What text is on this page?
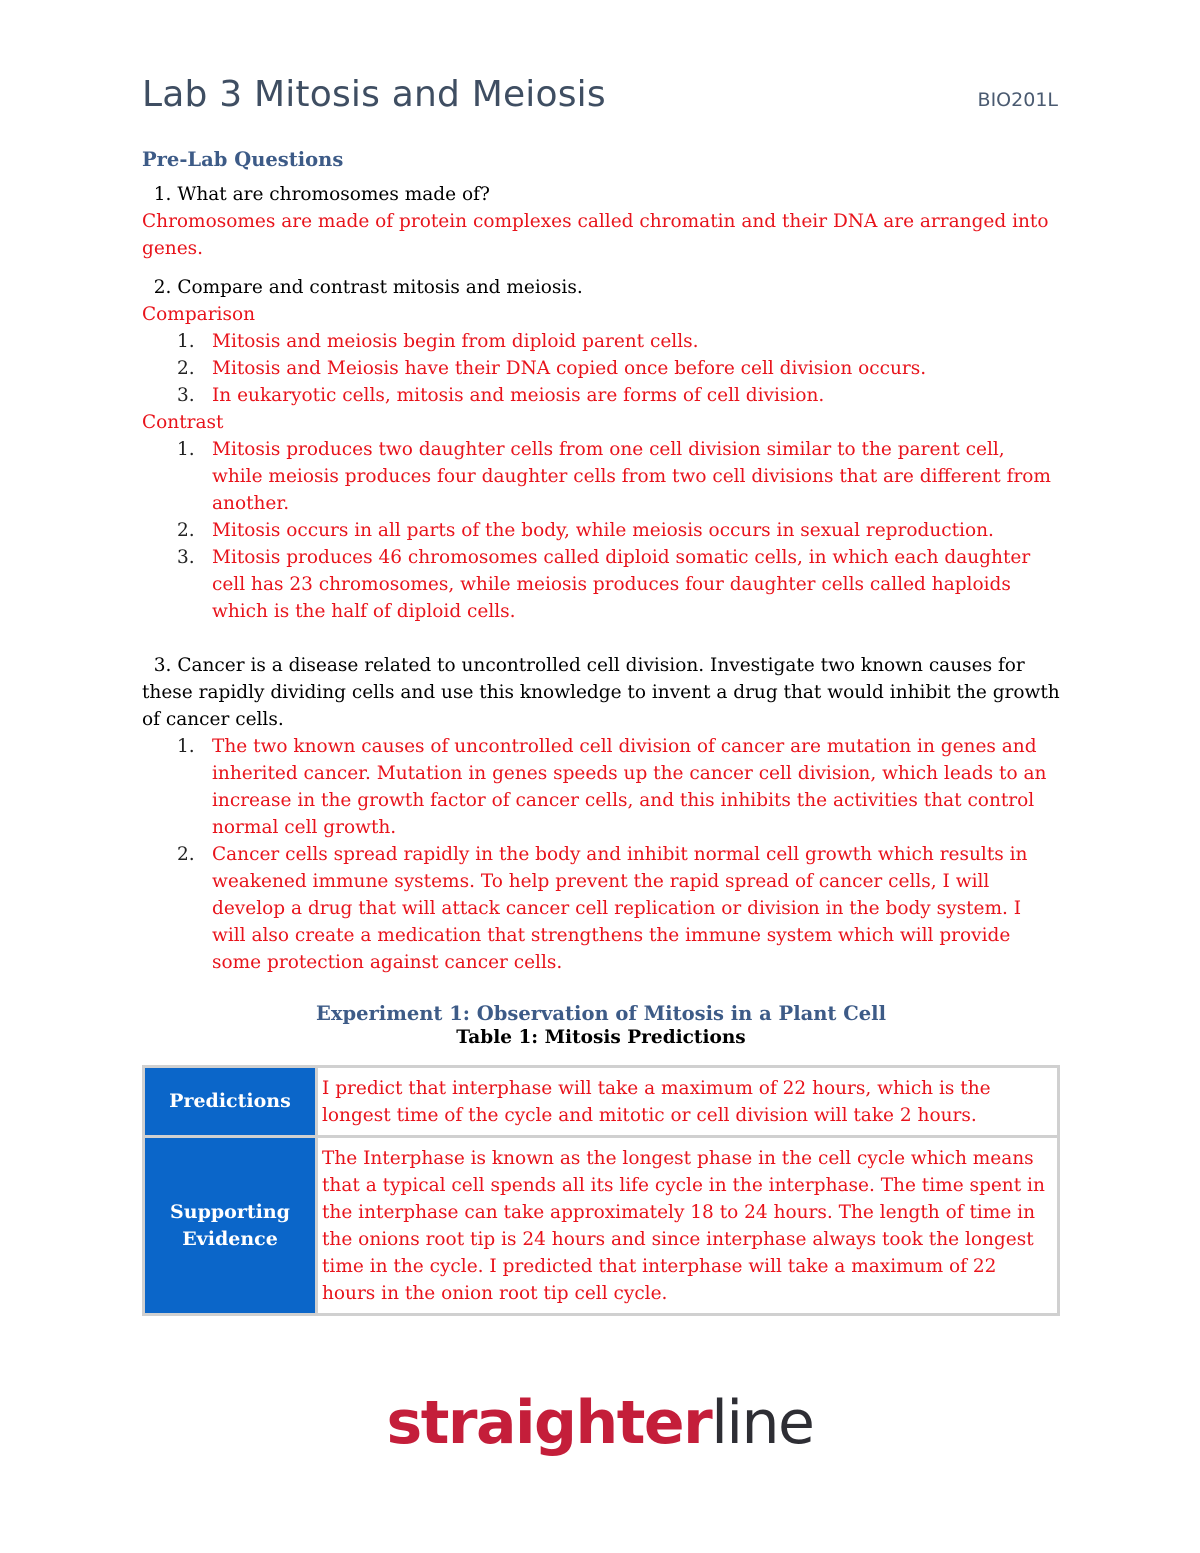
Lab 3 Mitosis and Meiosis	BIO201L
Pre-Lab Questions
1. What are chromosomes made of?
Chromosomes are made of protein complexes called chromatin and their DNA are arranged into genes.
2. Compare and contrast mitosis and meiosis.
Comparison
1. Mitosis and meiosis begin from diploid parent cells.
2. Mitosis and Meiosis have their DNA copied once before cell division occurs.
3. In eukaryotic cells, mitosis and meiosis are forms of cell division.
Contrast
1. Mitosis produces two daughter cells from one cell division similar to the parent cell, while meiosis produces four daughter cells from two cell divisions that are different from another.
2. Mitosis occurs in all parts of the body, while meiosis occurs in sexual reproduction.
3. Mitosis produces 46 chromosomes called diploid somatic cells, in which each daughter cell has 23 chromosomes, while meiosis produces four daughter cells called haploids which is the half of diploid cells.
3. Cancer is a disease related to uncontrolled cell division. Investigate two known causes for these rapidly dividing cells and use this knowledge to invent a drug that would inhibit the growth of cancer cells.
1. The two known causes of uncontrolled cell division of cancer are mutation in genes and inherited cancer. Mutation in genes speeds up the cancer cell division, which leads to an increase in the growth factor of cancer cells, and this inhibits the activities that control normal cell growth.
2. Cancer cells spread rapidly in the body and inhibit normal cell growth which results in weakened immune systems. To help prevent the rapid spread of cancer cells, I will develop a drug that will attack cancer cell replication or division in the body system. I will also create a medication that strengthens the immune system which will provide some protection against cancer cells.
Experiment 1: Observation of Mitosis in a Plant Cell
Table 1: Mitosis Predictions
Predictions	I predict that interphase will take a maximum of 22 hours, which is the longest time of the cycle and mitotic or cell division will take 2 hours.
Supporting Evidence	The Interphase is known as the longest phase in the cell cycle which means that a typical cell spends all its life cycle in the interphase. The time spent in the interphase can take approximately 18 to 24 hours. The length of time in the onions root tip is 24 hours and since interphase always took the longest time in the cycle. I predicted that interphase will take a maximum of 22 hours in the onion root tip cell cycle.
straighterline
